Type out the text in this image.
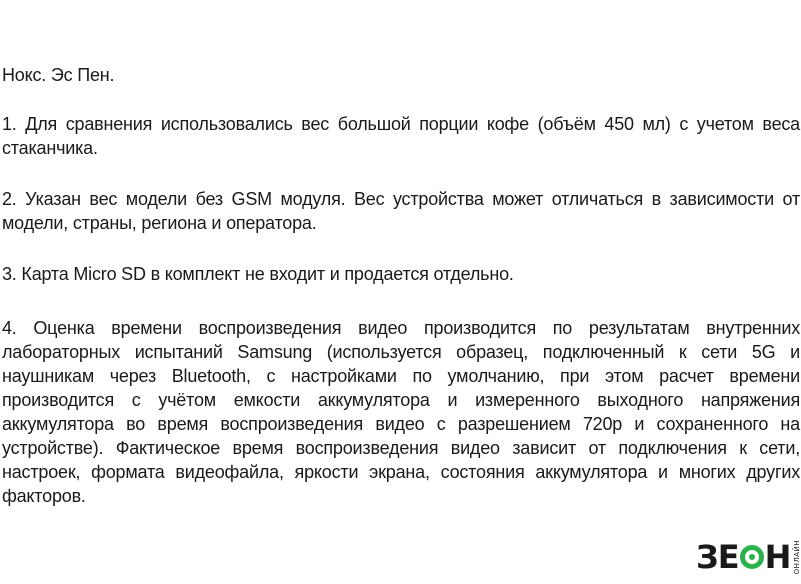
Нокс. Эс Пен.

1. Для сравнения использовались вес большой порции кофе (объём 450 мл) с учетом веса стаканчика.

2. Указан вес модели без GSM модуля. Вес устройства может отличаться в зависимости от модели, страны, региона и оператора.

3. Карта Micro SD в комплект не входит и продается отдельно.

4. Оценка времени воспроизведения видео производится по результатам внутренних лабораторных испытаний Samsung (используется образец, подключенный к сети 5G и наушникам через Bluetooth, с настройками по умолчанию, при этом расчет времени производится с учётом емкости аккумулятора и измеренного выходного напряжения аккумулятора во время воспроизведения видео с разрешением 720p и сохраненного на устройстве). Фактическое время воспроизведения видео зависит от подключения к сети, настроек, формата видеофайла, яркости экрана, состояния аккумулятора и многих других факторов.

ЗЕ Н ОНЛАЙН
